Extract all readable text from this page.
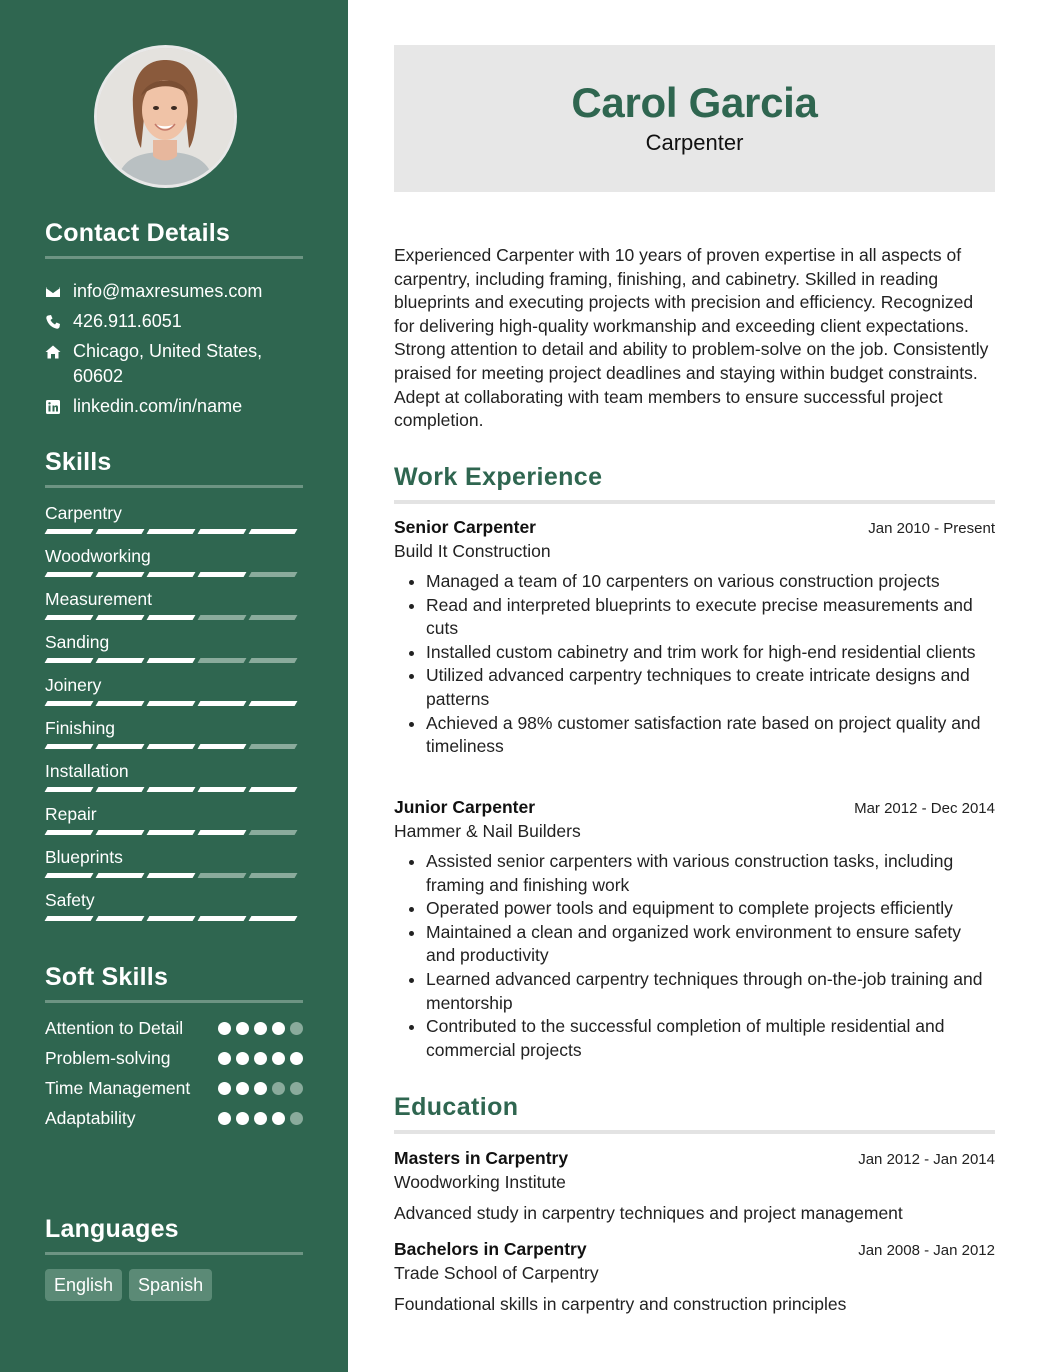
Contact Details
info@maxresumes.com
426.911.6051
Chicago, United States,
60602
linkedin.com/in/name
Skills
Carpentry
Woodworking
Measurement
Sanding
Joinery
Finishing
Installation
Repair
Blueprints
Safety
Soft Skills
Attention to Detail
Problem-solving
Time Management
Adaptability
Languages
English	Spanish
Carol Garcia
Carpenter

Experienced Carpenter with 10 years of proven expertise in all aspects of carpentry, including framing, finishing, and cabinetry. Skilled in reading blueprints and executing projects with precision and efficiency. Recognized for delivering high-quality workmanship and exceeding client expectations. Strong attention to detail and ability to problem-solve on the job. Consistently praised for meeting project deadlines and staying within budget constraints. Adept at collaborating with team members to ensure successful project completion.

Work Experience
Senior Carpenter	Jan 2010 - Present
Build It Construction
• Managed a team of 10 carpenters on various construction projects
• Read and interpreted blueprints to execute precise measurements and cuts
• Installed custom cabinetry and trim work for high-end residential clients
• Utilized advanced carpentry techniques to create intricate designs and patterns
• Achieved a 98% customer satisfaction rate based on project quality and timeliness
Junior Carpenter	Mar 2012 - Dec 2014
Hammer & Nail Builders
• Assisted senior carpenters with various construction tasks, including framing and finishing work
• Operated power tools and equipment to complete projects efficiently
• Maintained a clean and organized work environment to ensure safety and productivity
• Learned advanced carpentry techniques through on-the-job training and mentorship
• Contributed to the successful completion of multiple residential and commercial projects
Education
Masters in Carpentry	Jan 2012 - Jan 2014
Woodworking Institute
Advanced study in carpentry techniques and project management
Bachelors in Carpentry	Jan 2008 - Jan 2012
Trade School of Carpentry
Foundational skills in carpentry and construction principles
